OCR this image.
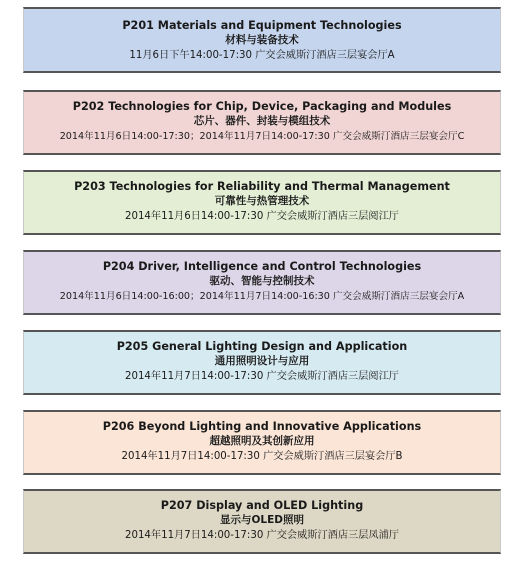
P201 Materials and Equipment Technologies
材料与装备技术
11月6日下午14:00-17:30 广交会威斯汀酒店三层宴会厅A
P202 Technologies for Chip, Device, Packaging and Modules
芯片、器件、封装与模组技术
2014年11月6日14:00-17:30；2014年11月7日14:00-17:30 广交会威斯汀酒店三层宴会厅C
P203 Technologies for Reliability and Thermal Management
可靠性与热管理技术
2014年11月6日14:00-17:30 广交会威斯汀酒店三层阅江厅
P204 Driver, Intelligence and Control Technologies
驱动、智能与控制技术
2014年11月6日14:00-16:00；2014年11月7日14:00-16:30 广交会威斯汀酒店三层宴会厅A
P205 General Lighting Design and Application
通用照明设计与应用
2014年11月7日14:00-17:30 广交会威斯汀酒店三层阅江厅
P206 Beyond Lighting and Innovative Applications
超越照明及其创新应用
2014年11月7日14:00-17:30 广交会威斯汀酒店三层宴会厅B
P207 Display and OLED Lighting
显示与OLED照明
2014年11月7日14:00-17:30 广交会威斯汀酒店三层凤浦厅
